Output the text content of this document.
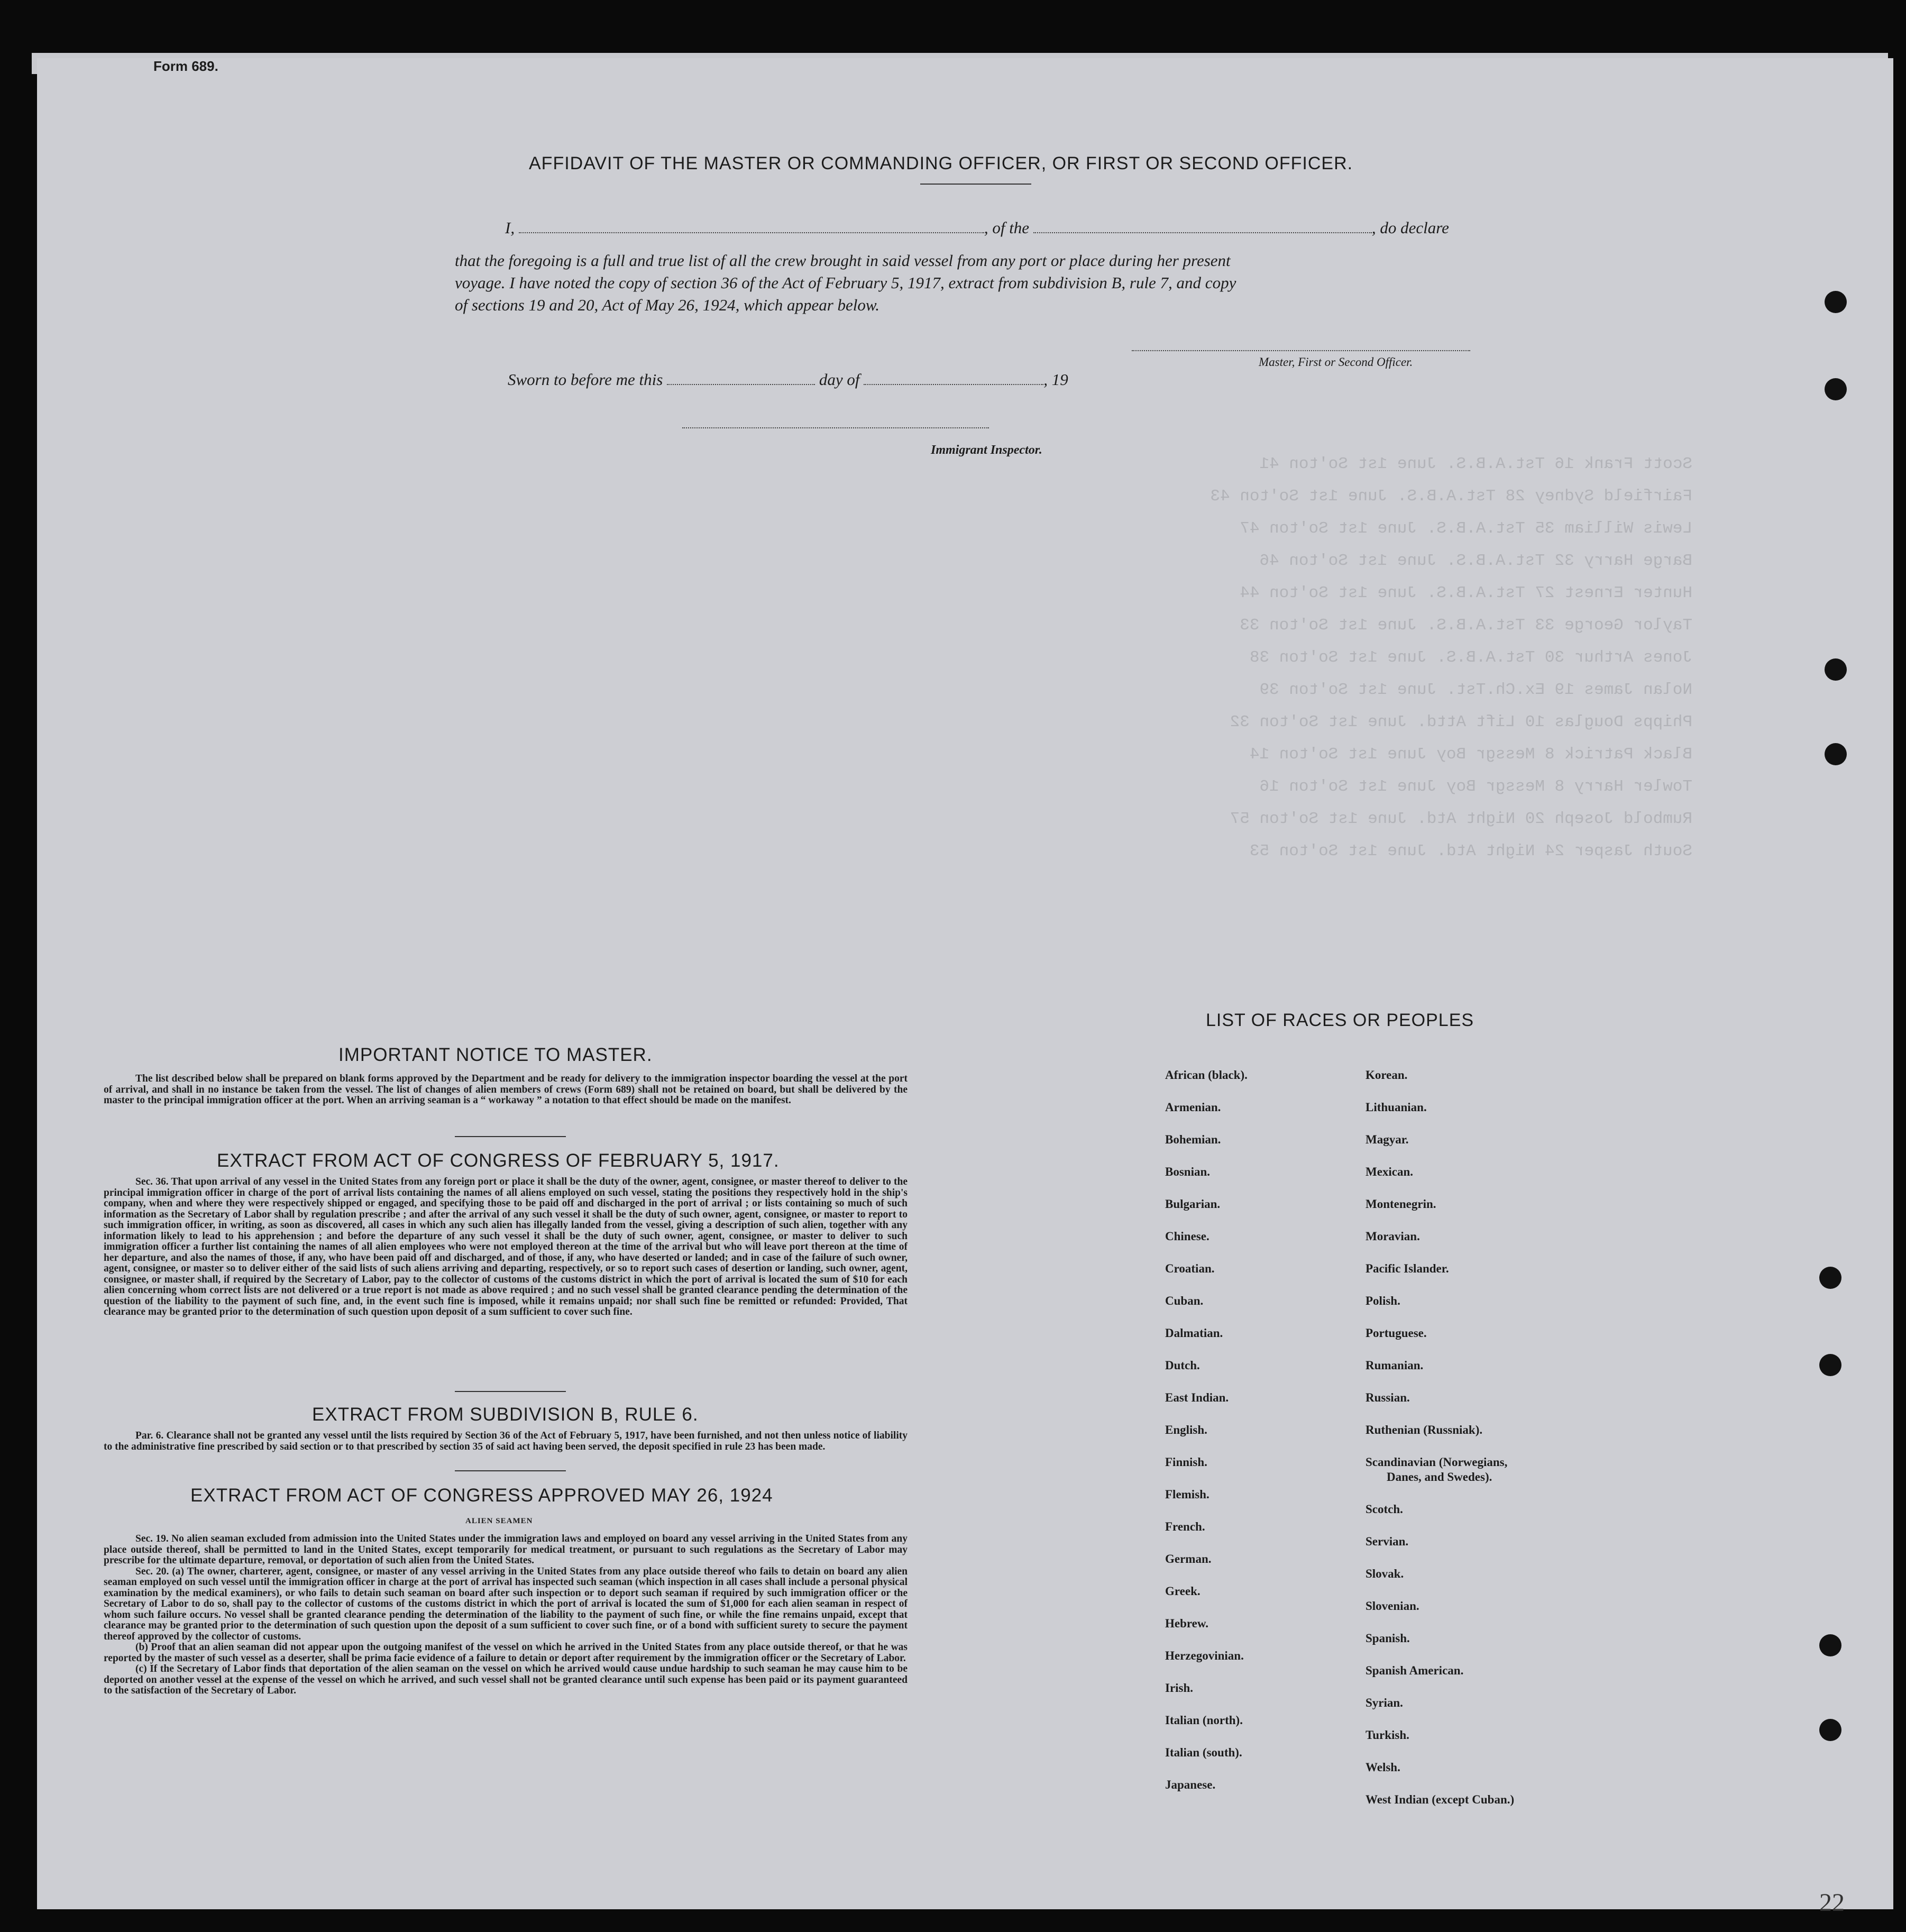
Form 689.
Scott Frank 16 Tst.A.B.S. June 1st So'ton 41
Fairfield Sydney 28 Tst.A.B.S. June 1st So'ton 43
Lewis William 35 Tst.A.B.S. June 1st So'ton 47
Barge Harry 32 Tst.A.B.S. June 1st So'ton 46
Hunter Ernest 27 Tst.A.B.S. June 1st So'ton 44
Taylor George 33 Tst.A.B.S. June 1st So'ton 33
Jones Arthur 30 Tst.A.B.S. June 1st So'ton 38
Nolan James 19 Ex.Ch.Tst. June 1st So'ton 39
Phipps Douglas 10 Lift Attd. June 1st So'ton 32
Black Patrick 8 Messgr Boy June 1st So'ton 14
Towler Harry 8 Messgr Boy June 1st So'ton 16
Rumbold Joseph 20 Night Atd. June 1st So'ton 57
South Jasper 24 Night Atd. June 1st So'ton 53
AFFIDAVIT OF THE MASTER OR COMMANDING OFFICER, OR FIRST OR SECOND OFFICER.
I,	, of the	, do declare
that the foregoing is a full and true list of all the crew brought in said vessel from any port or place during her present
voyage. I have noted the copy of section 36 of the Act of February 5, 1917, extract from subdivision B, rule 7, and copy
of sections 19 and 20, Act of May 26, 1924, which appear below.
Master, First or Second Officer.
Sworn to before me this	day of	, 19
Immigrant Inspector.
IMPORTANT NOTICE TO MASTER.

The list described below shall be prepared on blank forms approved by the Department and be ready for delivery to the immigration inspector boarding the vessel at the port of arrival, and shall in no instance be taken from the vessel. The list of changes of alien members of crews (Form 689) shall not be retained on board, but shall be delivered by the master to the principal immigration officer at the port. When an arriving seaman is a “ workaway ” a notation to that effect should be made on the manifest.

EXTRACT FROM ACT OF CONGRESS OF FEBRUARY 5, 1917.

Sec. 36. That upon arrival of any vessel in the United States from any foreign port or place it shall be the duty of the owner, agent, consignee, or master thereof to deliver to the principal immigration officer in charge of the port of arrival lists containing the names of all aliens employed on such vessel, stating the positions they respectively hold in the ship's company, when and where they were respectively shipped or engaged, and specifying those to be paid off and discharged in the port of arrival ; or lists containing so much of such information as the Secretary of Labor shall by regulation prescribe ; and after the arrival of any such vessel it shall be the duty of such owner, agent, consignee, or master to report to such immigration officer, in writing, as soon as discovered, all cases in which any such alien has illegally landed from the vessel, giving a description of such alien, together with any information likely to lead to his apprehension ; and before the departure of any such vessel it shall be the duty of such owner, agent, consignee, or master to deliver to such immigration officer a further list containing the names of all alien employees who were not employed thereon at the time of the arrival but who will leave port thereon at the time of her departure, and also the names of those, if any, who have been paid off and discharged, and of those, if any, who have deserted or landed; and in case of the failure of such owner, agent, consignee, or master so to deliver either of the said lists of such aliens arriving and departing, respectively, or so to report such cases of desertion or landing, such owner, agent, consignee, or master shall, if required by the Secretary of Labor, pay to the collector of customs of the customs district in which the port of arrival is located the sum of $10 for each alien concerning whom correct lists are not delivered or a true report is not made as above required ; and no such vessel shall be granted clearance pending the determination of the question of the liability to the payment of such fine, and, in the event such fine is imposed, while it remains unpaid; nor shall such fine be remitted or refunded: Provided, That clearance may be granted prior to the determination of such question upon deposit of a sum sufficient to cover such fine.

EXTRACT FROM SUBDIVISION B, RULE 6.

Par. 6. Clearance shall not be granted any vessel until the lists required by Section 36 of the Act of February 5, 1917, have been furnished, and not then unless notice of liability to the administrative fine prescribed by said section or to that prescribed by section 35 of said act having been served, the deposit specified in rule 23 has been made.

EXTRACT FROM ACT OF CONGRESS APPROVED MAY 26, 1924
ALIEN SEAMEN

Sec. 19. No alien seaman excluded from admission into the United States under the immigration laws and employed on board any vessel arriving in the United States from any place outside thereof, shall be permitted to land in the United States, except temporarily for medical treatment, or pursuant to such regulations as the Secretary of Labor may prescribe for the ultimate departure, removal, or deportation of such alien from the United States.

Sec. 20. (a) The owner, charterer, agent, consignee, or master of any vessel arriving in the United States from any place outside thereof who fails to detain on board any alien seaman employed on such vessel until the immigration officer in charge at the port of arrival has inspected such seaman (which inspection in all cases shall include a personal physical examination by the medical examiners), or who fails to detain such seaman on board after such inspection or to deport such seaman if required by such immigration officer or the Secretary of Labor to do so, shall pay to the collector of customs of the customs district in which the port of arrival is located the sum of $1,000 for each alien seaman in respect of whom such failure occurs. No vessel shall be granted clearance pending the determination of the liability to the payment of such fine, or while the fine remains unpaid, except that clearance may be granted prior to the determination of such question upon the deposit of a sum sufficient to cover such fine, or of a bond with sufficient surety to secure the payment thereof approved by the collector of customs.

(b) Proof that an alien seaman did not appear upon the outgoing manifest of the vessel on which he arrived in the United States from any place outside thereof, or that he was reported by the master of such vessel as a deserter, shall be prima facie evidence of a failure to detain or deport after requirement by the immigration officer or the Secretary of Labor.

(c) If the Secretary of Labor finds that deportation of the alien seaman on the vessel on which he arrived would cause undue hardship to such seaman he may cause him to be deported on another vessel at the expense of the vessel on which he arrived, and such vessel shall not be granted clearance until such expense has been paid or its payment guaranteed to the satisfaction of the Secretary of Labor.

LIST OF RACES OR PEOPLES
African (black).
Armenian.
Bohemian.
Bosnian.
Bulgarian.
Chinese.
Croatian.
Cuban.
Dalmatian.
Dutch.
East Indian.
English.
Finnish.
Flemish.
French.
German.
Greek.
Hebrew.
Herzegovinian.
Irish.
Italian (north).
Italian (south).
Japanese.
Korean.
Lithuanian.
Magyar.
Mexican.
Montenegrin.
Moravian.
Pacific Islander.
Polish.
Portuguese.
Rumanian.
Russian.
Ruthenian (Russniak).
Scandinavian (Norwegians,
Danes, and Swedes).
Scotch.
Servian.
Slovak.
Slovenian.
Spanish.
Spanish American.
Syrian.
Turkish.
Welsh.
West Indian (except Cuban.)
22
